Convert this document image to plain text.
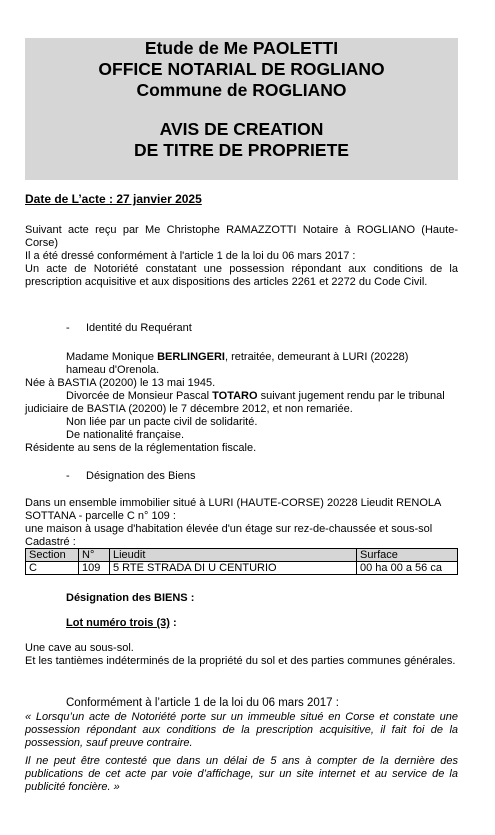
Etude de Me PAOLETTI
OFFICE NOTARIAL DE ROGLIANO
Commune de ROGLIANO
AVIS DE CREATION
DE TITRE DE PROPRIETE
Date de L’acte : 27 janvier 2025
Suivant acte reçu par Me Christophe RAMAZZOTTI Notaire à ROGLIANO (Haute-Corse)
Il a été dressé conformément à l'article 1 de la loi du 06 mars 2017 :
Un acte de Notoriété constatant une possession répondant aux conditions de la prescription acquisitive et aux dispositions des articles 2261 et 2272 du Code Civil.
- Identité du Requérant
Madame Monique BERLINGERI, retraitée, demeurant à LURI (20228)
hameau d'Orenola.
Née à BASTIA (20200) le 13 mai 1945.
Divorcée de Monsieur Pascal TOTARO suivant jugement rendu par le tribunal
judiciaire de BASTIA (20200) le 7 décembre 2012, et non remariée.
Non liée par un pacte civil de solidarité.
De nationalité française.
Résidente au sens de la réglementation fiscale.
- Désignation des Biens
Dans un ensemble immobilier situé à LURI (HAUTE-CORSE) 20228 Lieudit RENOLA
SOTTANA - parcelle C n° 109 :
une maison à usage d'habitation élevée d'un étage sur rez-de-chaussée et sous-sol
Cadastré :
Section	N°	Lieudit	Surface
C	109	5 RTE STRADA DI U CENTURIO	00 ha 00 a 56 ca
Désignation des BIENS :
Lot numéro trois (3) :
Une cave au sous-sol.
Et les tantièmes indéterminés de la propriété du sol et des parties communes générales.
Conformément à l’article 1 de la loi du 06 mars 2017 :
« Lorsqu’un acte de Notoriété porte sur un immeuble situé en Corse et constate une possession répondant aux conditions de la prescription acquisitive, il fait foi de la possession, sauf preuve contraire.
Il ne peut être contesté que dans un délai de 5 ans à compter de la dernière des publications de cet acte par voie d’affichage, sur un site internet et au service de la publicité foncière. »
